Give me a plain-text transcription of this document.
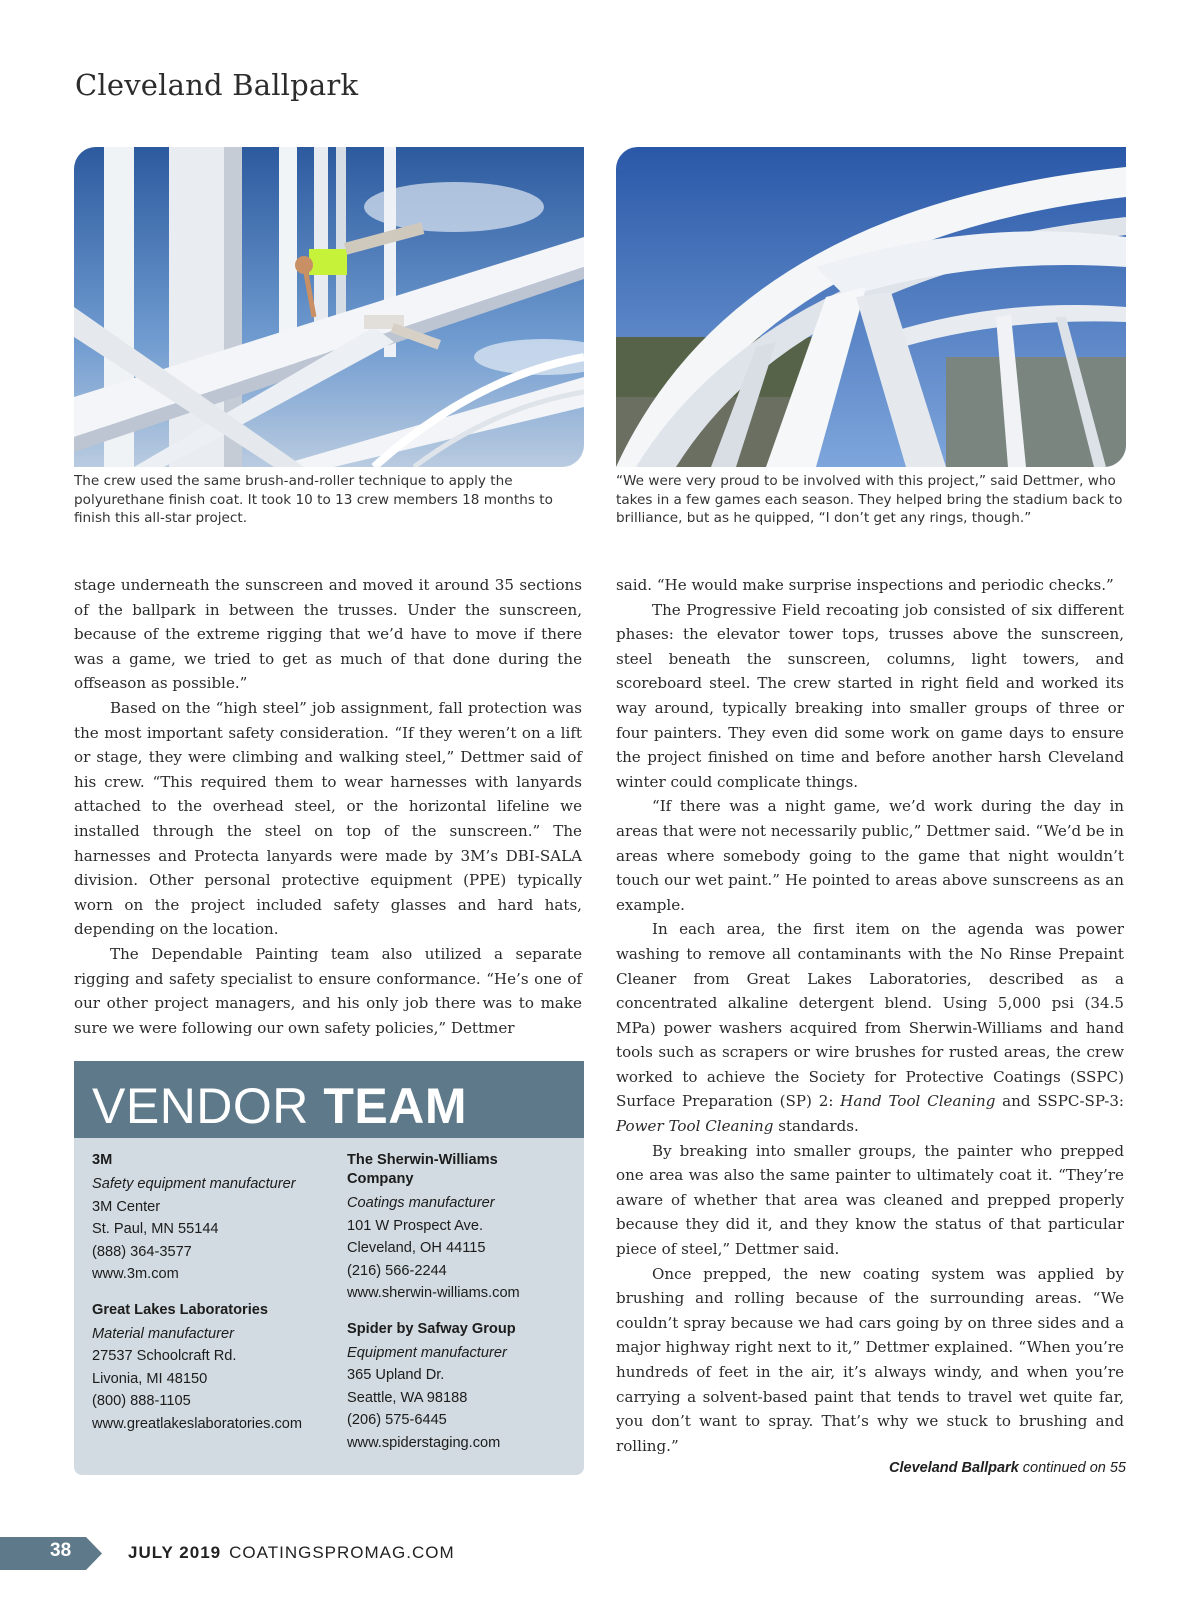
Cleveland Ballpark
The crew used the same brush-and-roller technique to apply the polyurethane finish coat. It took 10 to 13 crew members 18 months to finish this all-star project.
“We were very proud to be involved with this project,” said Dettmer, who takes in a few games each season. They helped bring the stadium back to brilliance, but as he quipped, “I don’t get any rings, though.”

stage underneath the sunscreen and moved it around 35 sections of the ballpark in between the trusses. Under the sunscreen, because of the extreme rigging that we’d have to move if there was a game, we tried to get as much of that done during the offseason as possible.”

Based on the “high steel” job assignment, fall protection was the most important safety consideration. “If they weren’t on a lift or stage, they were climbing and walking steel,” Dettmer said of his crew. “This required them to wear harnesses with lanyards attached to the overhead steel, or the horizontal lifeline we installed through the steel on top of the sunscreen.” The harnesses and Protecta lanyards were made by 3M’s DBI-SALA division. Other personal protective equipment (PPE) typically worn on the project included safety glasses and hard hats, depending on the location.

The Dependable Painting team also utilized a separate rigging and safety specialist to ensure conformance. “He’s one of our other project managers, and his only job there was to make sure we were following our own safety policies,” Dettmer

said. “He would make surprise inspections and periodic checks.”

The Progressive Field recoating job consisted of six different phases: the elevator tower tops, trusses above the sunscreen, steel beneath the sunscreen, columns, light towers, and scoreboard steel. The crew started in right field and worked its way around, typically breaking into smaller groups of three or four painters. They even did some work on game days to ensure the project finished on time and before another harsh Cleveland winter could complicate things.

“If there was a night game, we’d work during the day in areas that were not necessarily public,” Dettmer said. “We’d be in areas where somebody going to the game that night wouldn’t touch our wet paint.” He pointed to areas above sunscreens as an example.

In each area, the first item on the agenda was power washing to remove all contaminants with the No Rinse Prepaint Cleaner from Great Lakes Laboratories, described as a concentrated alkaline detergent blend. Using 5,000 psi (34.5 MPa) power washers acquired from Sherwin-Williams and hand tools such as scrapers or wire brushes for rusted areas, the crew worked to achieve the Society for Protective Coatings (SSPC) Surface Preparation (SP) 2: Hand Tool Cleaning and SSPC-SP-3: Power Tool Cleaning standards.

By breaking into smaller groups, the painter who prepped one area was also the same painter to ultimately coat it. “They’re aware of whether that area was cleaned and prepped properly because they did it, and they know the status of that particular piece of steel,” Dettmer said.

Once prepped, the new coating system was applied by brushing and rolling because of the surrounding areas. “We couldn’t spray because we had cars going by on three sides and a major highway right next to it,” Dettmer explained. “When you’re hundreds of feet in the air, it’s always windy, and when you’re carrying a solvent-based paint that tends to travel wet quite far, you don’t want to spray. That’s why we stuck to brushing and rolling.”

Cleveland Ballpark continued on 55
VENDOR TEAM
3M
Safety equipment manufacturer
3M Center
St. Paul, MN 55144
(888) 364-3577
www.3m.com
Great Lakes Laboratories
Material manufacturer
27537 Schoolcraft Rd.
Livonia, MI 48150
(800) 888-1105
www.greatlakeslaboratories.com
The Sherwin-Williams Company
Coatings manufacturer
101 W Prospect Ave.
Cleveland, OH 44115
(216) 566-2244
www.sherwin-williams.com
Spider by Safway Group
Equipment manufacturer
365 Upland Dr.
Seattle, WA 98188
(206) 575-6445
www.spiderstaging.com
38	JULY 2019 COATINGSPROMAG.COM
